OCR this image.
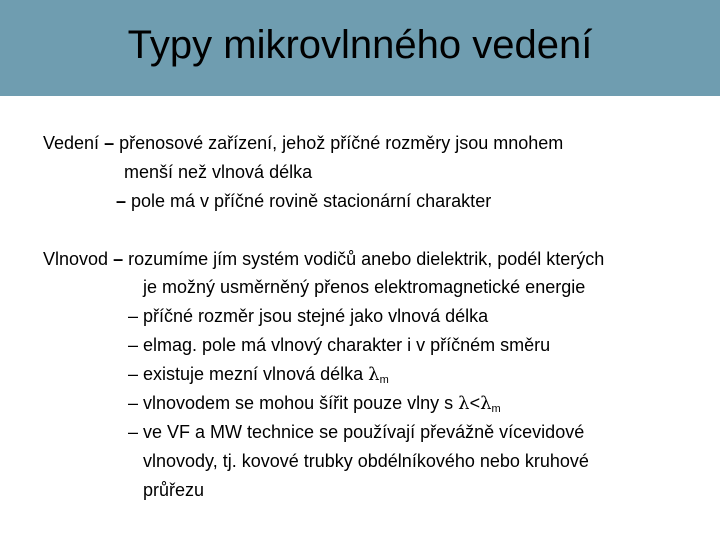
Typy mikrovlnného vedení
Vedení – přenosové zařízení, jehož příčné rozměry jsou mnohem
menší než vlnová délka
– pole má v příčné rovině stacionární charakter
Vlnovod – rozumíme jím systém vodičů anebo dielektrik, podél kterých
je možný usměrněný přenos elektromagnetické energie
– příčné rozměr jsou stejné jako vlnová délka
– elmag. pole má vlnový charakter i v příčném směru
– existuje mezní vlnová délka $\lambda_m$
– vlnovodem se mohou šířit pouze vlny s $\lambda<\lambda_m$
– ve VF a MW technice se používají převážně vícevidové
vlnovody, tj. kovové trubky obdélníkového nebo kruhové
průřezu
